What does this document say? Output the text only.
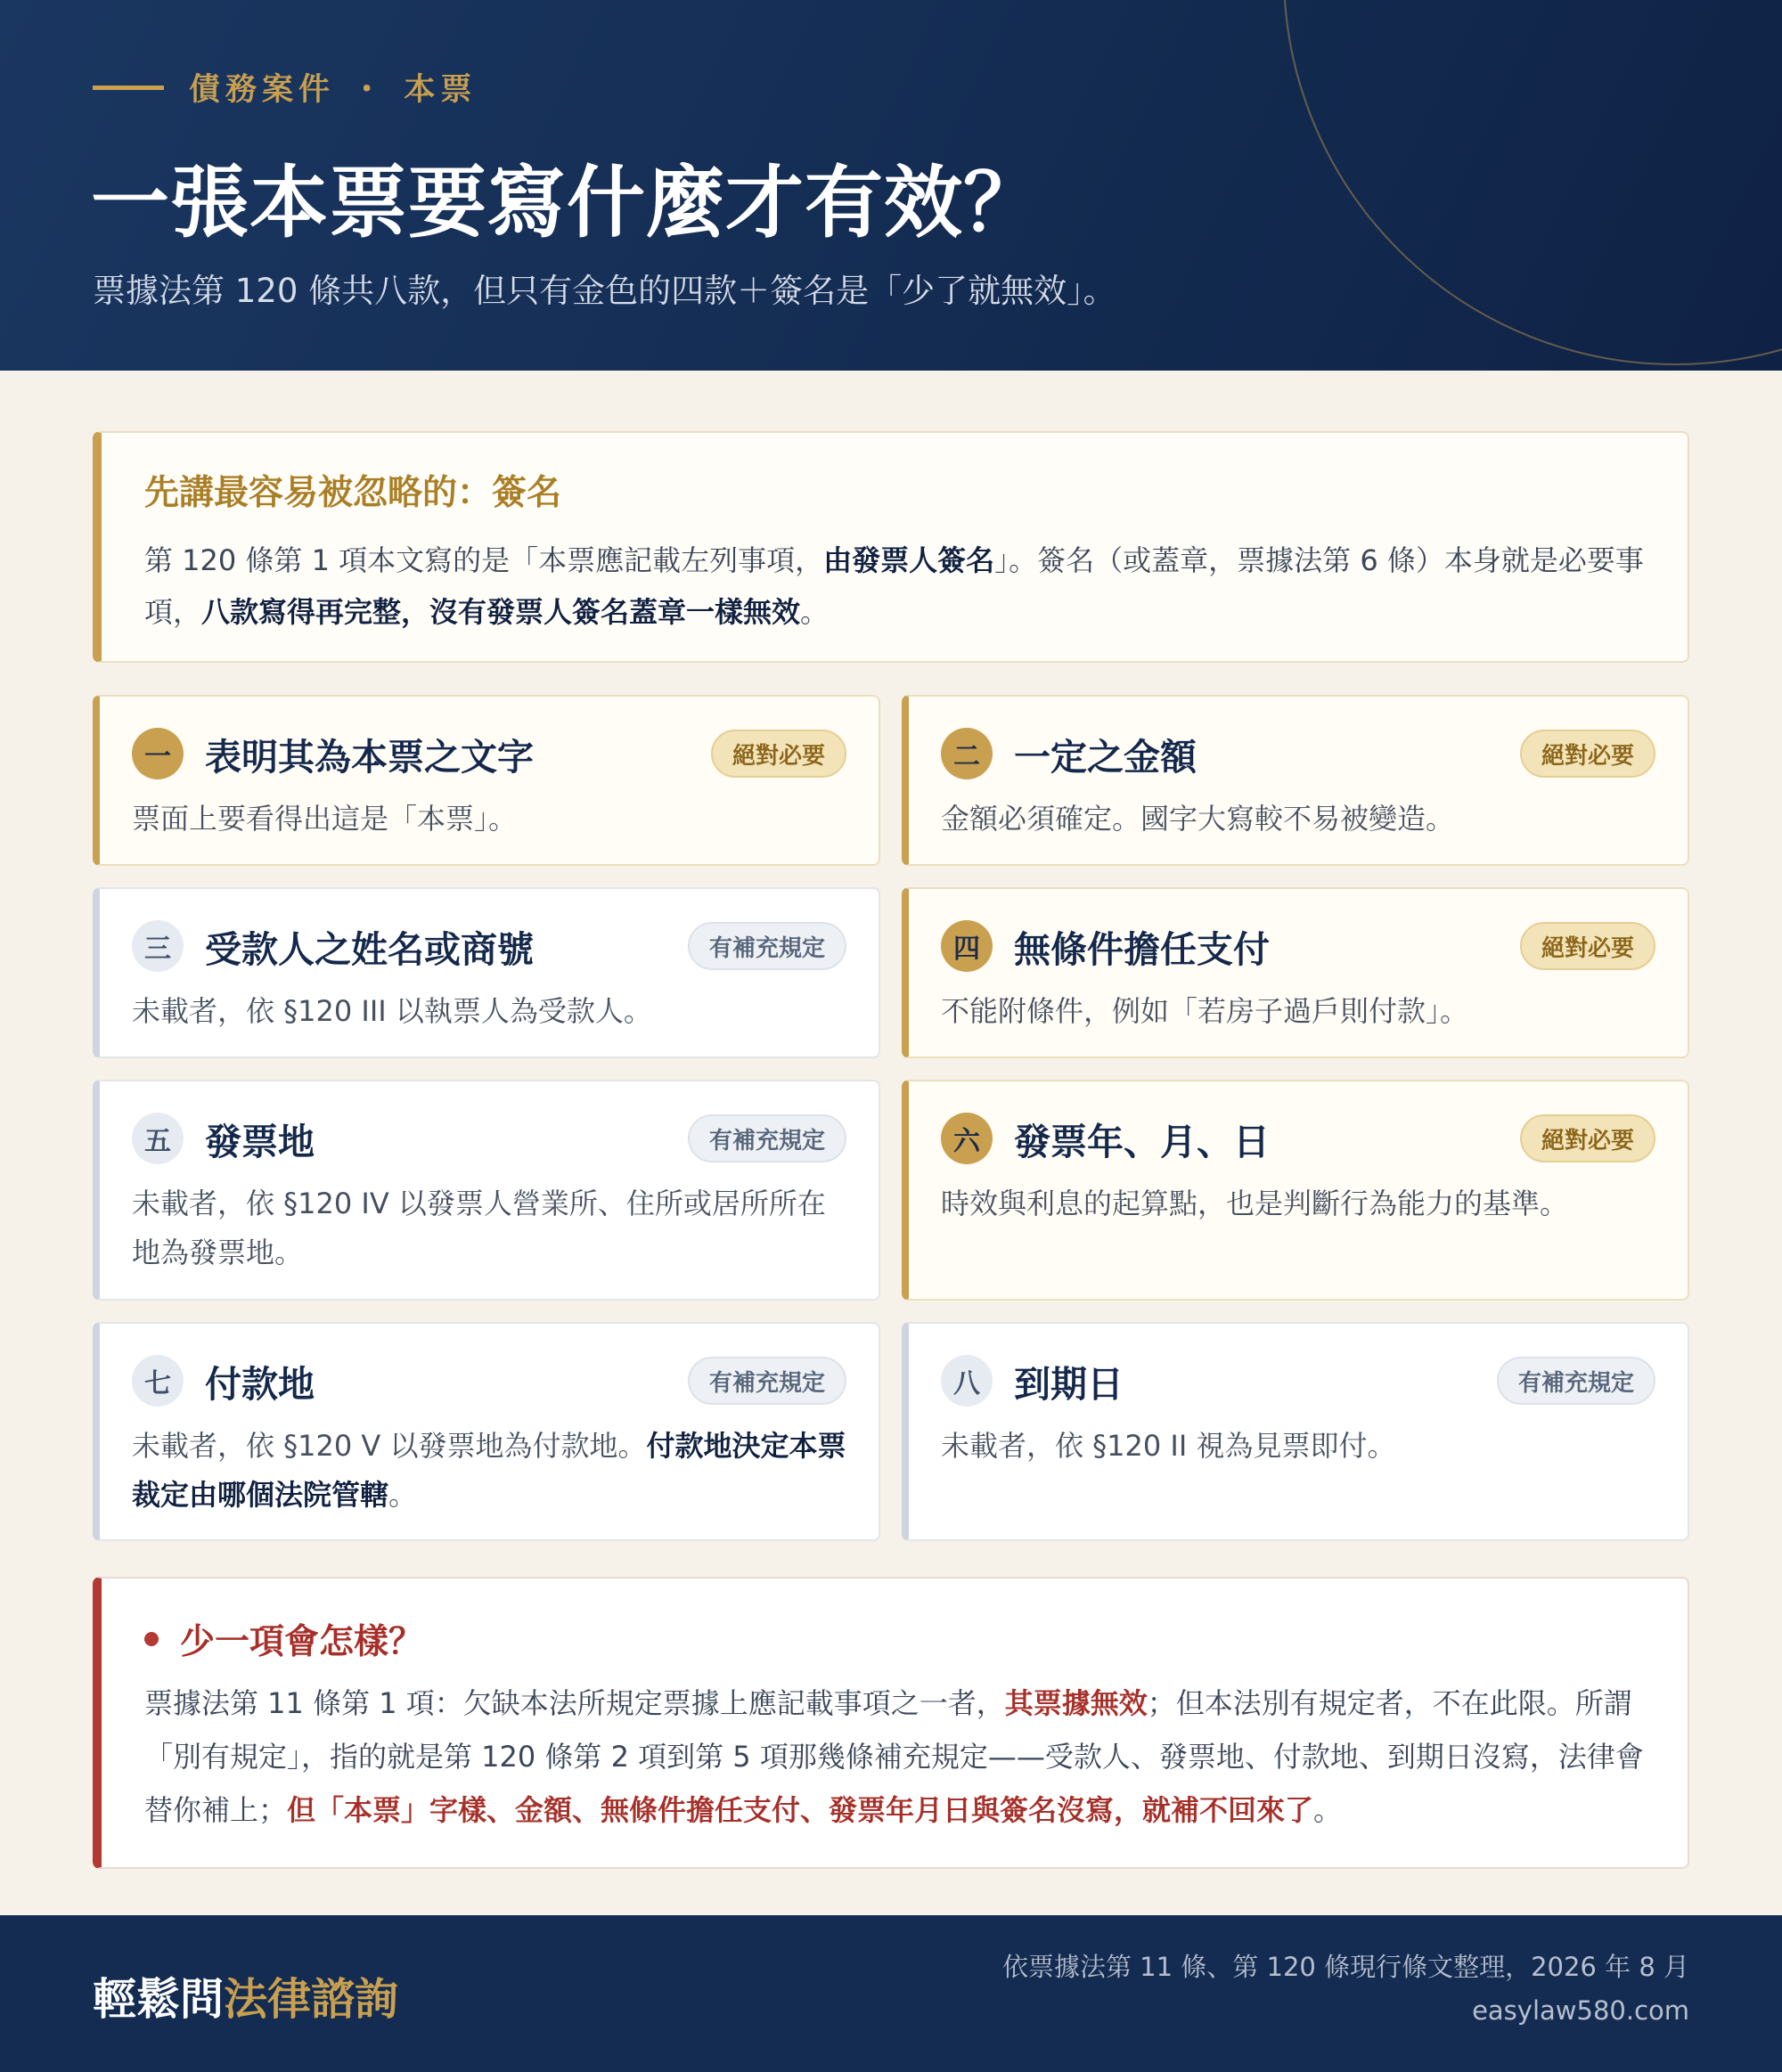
債務案件 ・ 本票
一張本票要寫什麼才有效？
票據法第 120 條共八款，但只有金色的四款＋簽名是「少了就無效」。
先講最容易被忽略的：簽名

第 120 條第 1 項本文寫的是「本票應記載左列事項，由發票人簽名」。簽名（或蓋章，票據法第 6 條）本身就是必要事項，八款寫得再完整，沒有發票人簽名蓋章一樣無效。

一 表明其為本票之文字	絕對必要
票面上要看得出這是「本票」。
二 一定之金額	絕對必要
金額必須確定。國字大寫較不易被變造。
三 受款人之姓名或商號	有補充規定
未載者，依 §120 III 以執票人為受款人。
四 無條件擔任支付	絕對必要
不能附條件，例如「若房子過戶則付款」。
五 發票地	有補充規定
未載者，依 §120 IV 以發票人營業所、住所或居所所在地為發票地。
六 發票年、月、日	絕對必要
時效與利息的起算點，也是判斷行為能力的基準。
七 付款地	有補充規定
未載者，依 §120 V 以發票地為付款地。付款地決定本票裁定由哪個法院管轄。
八 到期日	有補充規定
未載者，依 §120 II 視為見票即付。
少一項會怎樣？

票據法第 11 條第 1 項：欠缺本法所規定票據上應記載事項之一者，其票據無效；但本法別有規定者，不在此限。所謂「別有規定」，指的就是第 120 條第 2 項到第 5 項那幾條補充規定——受款人、發票地、付款地、到期日沒寫，法律會替你補上；但「本票」字樣、金額、無條件擔任支付、發票年月日與簽名沒寫，就補不回來了。

輕鬆問法律諮詢
依票據法第 11 條、第 120 條現行條文整理，2026 年 8 月
easylaw580.com
